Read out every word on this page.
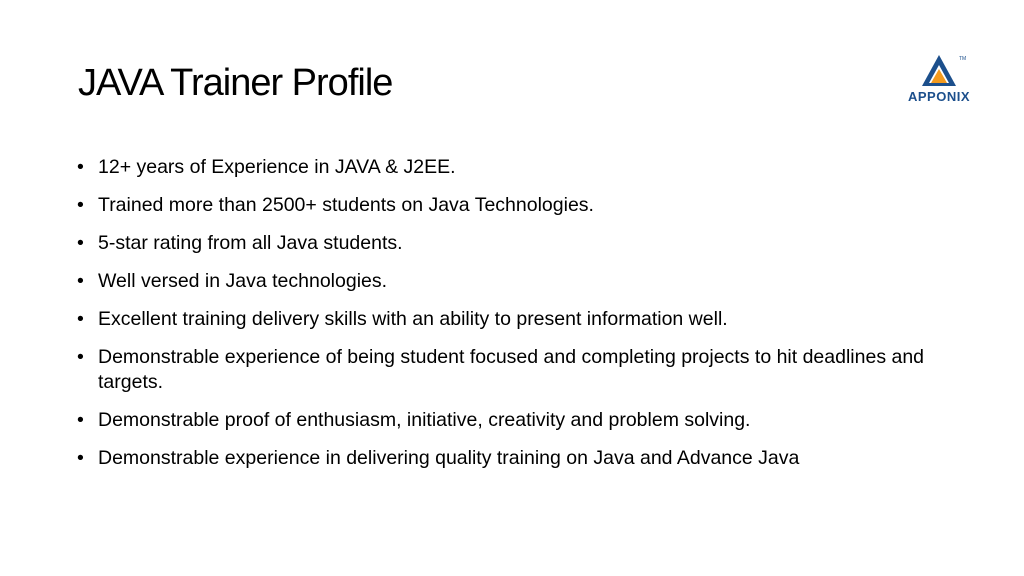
JAVA Trainer Profile
TM
APPONIX
• 12+ years of Experience in JAVA & J2EE.
• Trained more than 2500+ students on Java Technologies.
• 5-star rating from all Java students.
• Well versed in Java technologies.
• Excellent training delivery skills with an ability to present information well.
• Demonstrable experience of being student focused and completing projects to hit deadlines and targets.
• Demonstrable proof of enthusiasm, initiative, creativity and problem solving.
• Demonstrable experience in delivering quality training on Java and Advance Java
